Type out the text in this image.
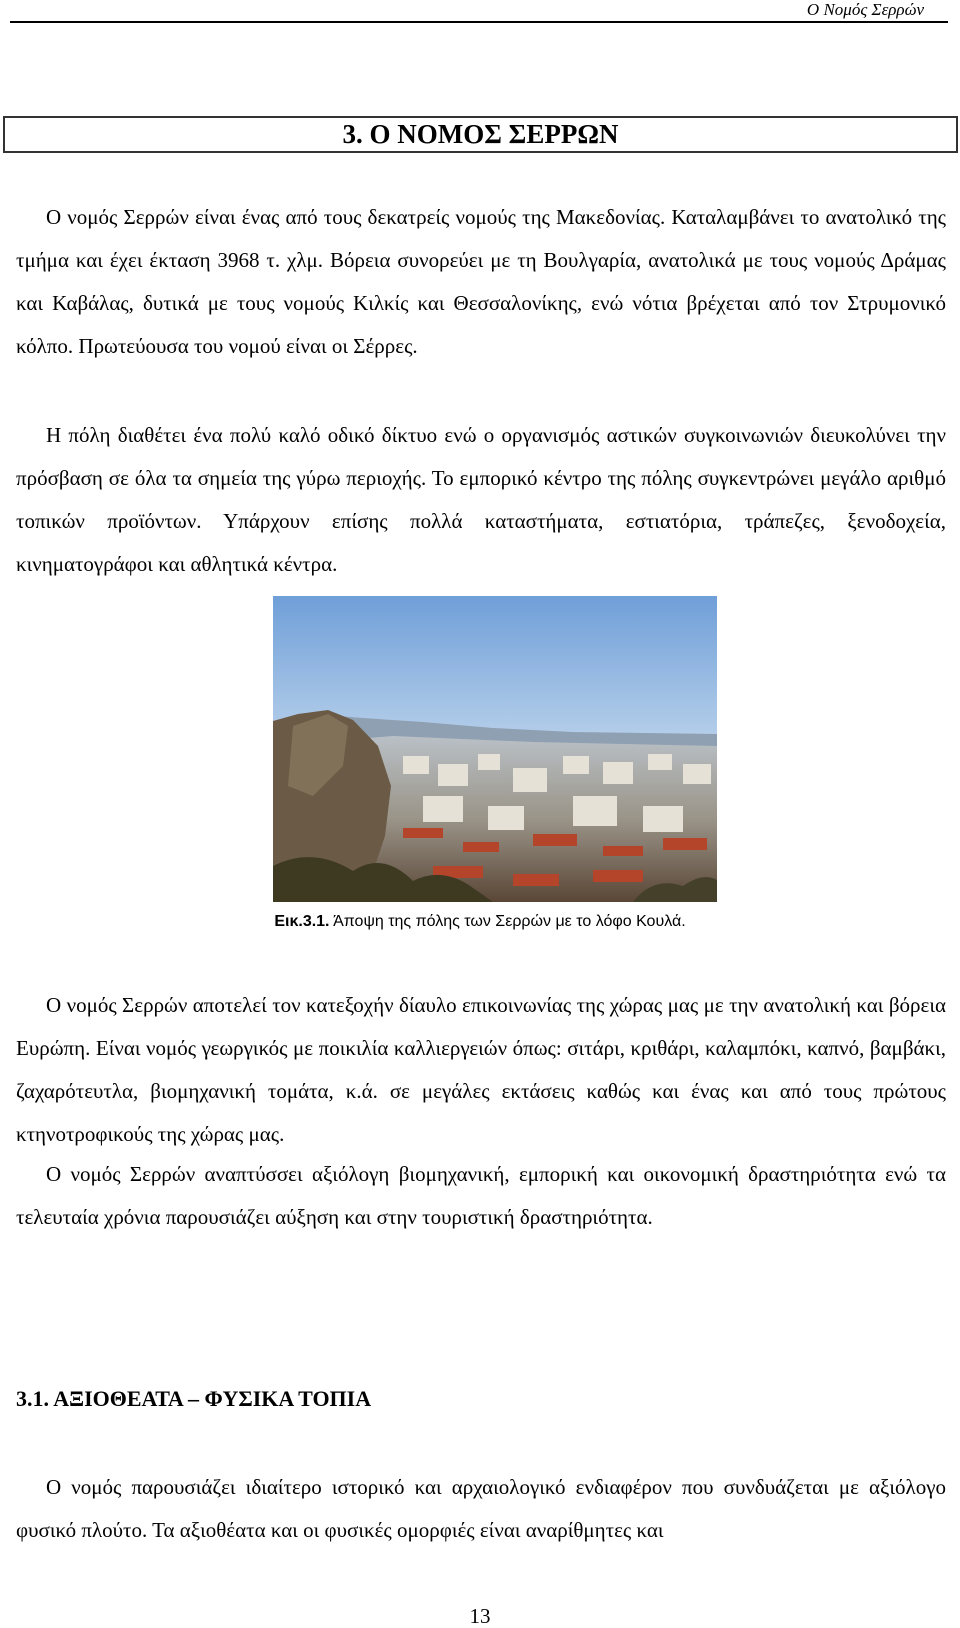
Ο Νομός Σερρών
3. Ο ΝΟΜΟΣ ΣΕΡΡΩΝ

Ο νομός Σερρών είναι ένας από τους δεκατρείς νομούς της Μακεδονίας. Καταλαμβάνει το ανατολικό της τμήμα και έχει έκταση 3968 τ. χλμ. Βόρεια συνορεύει με τη Βουλγαρία, ανατολικά με τους νομούς Δράμας και Καβάλας, δυτικά με τους νομούς Κιλκίς και Θεσσαλονίκης, ενώ νότια βρέχεται από τον Στρυμονικό κόλπο. Πρωτεύουσα του νομού είναι οι Σέρρες.

Η πόλη διαθέτει ένα πολύ καλό οδικό δίκτυο ενώ ο οργανισμός αστικών συγκοινωνιών διευκολύνει την πρόσβαση σε όλα τα σημεία της γύρω περιοχής. Το εμπορικό κέντρο της πόλης συγκεντρώνει μεγάλο αριθμό τοπικών προϊόντων. Υπάρχουν επίσης πολλά καταστήματα, εστιατόρια, τράπεζες, ξενοδοχεία, κινηματογράφοι και αθλητικά κέντρα.

Εικ.3.1. Άποψη της πόλης των Σερρών με το λόφο Κουλά.

Ο νομός Σερρών αποτελεί τον κατεξοχήν δίαυλο επικοινωνίας της χώρας μας με την ανατολική και βόρεια Ευρώπη. Είναι νομός γεωργικός με ποικιλία καλλιεργειών όπως: σιτάρι, κριθάρι, καλαμπόκι, καπνό, βαμβάκι, ζαχαρότευτλα, βιομηχανική τομάτα, κ.ά. σε μεγάλες εκτάσεις καθώς και ένας και από τους πρώτους κτηνοτροφικούς της χώρας μας.

Ο νομός Σερρών αναπτύσσει αξιόλογη βιομηχανική, εμπορική και οικονομική δραστηριότητα ενώ τα τελευταία χρόνια παρουσιάζει αύξηση και στην τουριστική δραστηριότητα.

3.1. ΑΞΙΟΘΕΑΤΑ – ΦΥΣΙΚΑ ΤΟΠΙΑ

Ο νομός παρουσιάζει ιδιαίτερο ιστορικό και αρχαιολογικό ενδιαφέρον που συνδυάζεται με αξιόλογο φυσικό πλούτο. Τα αξιοθέατα και οι φυσικές ομορφιές είναι αναρίθμητες και

13
